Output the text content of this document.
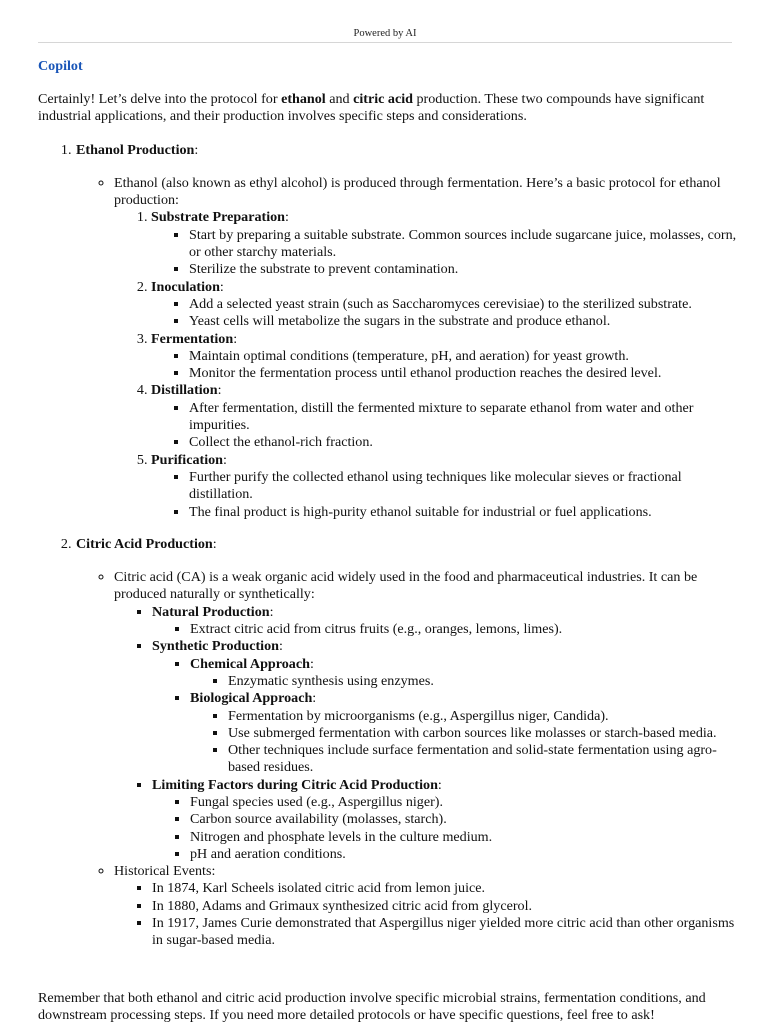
Powered by AI
Copilot

Certainly! Let’s delve into the protocol for ethanol and citric acid production. These two compounds have significant industrial applications, and their production involves specific steps and considerations.

1. Ethanol Production:
◦ Ethanol (also known as ethyl alcohol) is produced through fermentation. Here’s a basic protocol for ethanol production:
1. Substrate Preparation:
▪ Start by preparing a suitable substrate. Common sources include sugarcane juice, molasses, corn, or other starchy materials.
▪ Sterilize the substrate to prevent contamination.
2. Inoculation:
▪ Add a selected yeast strain (such as Saccharomyces cerevisiae) to the sterilized substrate.
▪ Yeast cells will metabolize the sugars in the substrate and produce ethanol.
3. Fermentation:
▪ Maintain optimal conditions (temperature, pH, and aeration) for yeast growth.
▪ Monitor the fermentation process until ethanol production reaches the desired level.
4. Distillation:
▪ After fermentation, distill the fermented mixture to separate ethanol from water and other impurities.
▪ Collect the ethanol-rich fraction.
5. Purification:
▪ Further purify the collected ethanol using techniques like molecular sieves or fractional distillation.
▪ The final product is high-purity ethanol suitable for industrial or fuel applications.
2. Citric Acid Production:
◦ Citric acid (CA) is a weak organic acid widely used in the food and pharmaceutical industries. It can be produced naturally or synthetically:
▪ Natural Production:
▪ Extract citric acid from citrus fruits (e.g., oranges, lemons, limes).
▪ Synthetic Production:
▪ Chemical Approach:
▪ Enzymatic synthesis using enzymes.
▪ Biological Approach:
▪ Fermentation by microorganisms (e.g., Aspergillus niger, Candida).
▪ Use submerged fermentation with carbon sources like molasses or starch-based media.
▪ Other techniques include surface fermentation and solid-state fermentation using agro-based residues.
▪ Limiting Factors during Citric Acid Production:
▪ Fungal species used (e.g., Aspergillus niger).
▪ Carbon source availability (molasses, starch).
▪ Nitrogen and phosphate levels in the culture medium.
▪ pH and aeration conditions.
◦ Historical Events:
▪ In 1874, Karl Scheels isolated citric acid from lemon juice.
▪ In 1880, Adams and Grimaux synthesized citric acid from glycerol.
▪ In 1917, James Curie demonstrated that Aspergillus niger yielded more citric acid than other organisms in sugar-based media.

Remember that both ethanol and citric acid production involve specific microbial strains, fermentation conditions, and downstream processing steps. If you need more detailed protocols or have specific questions, feel free to ask!
